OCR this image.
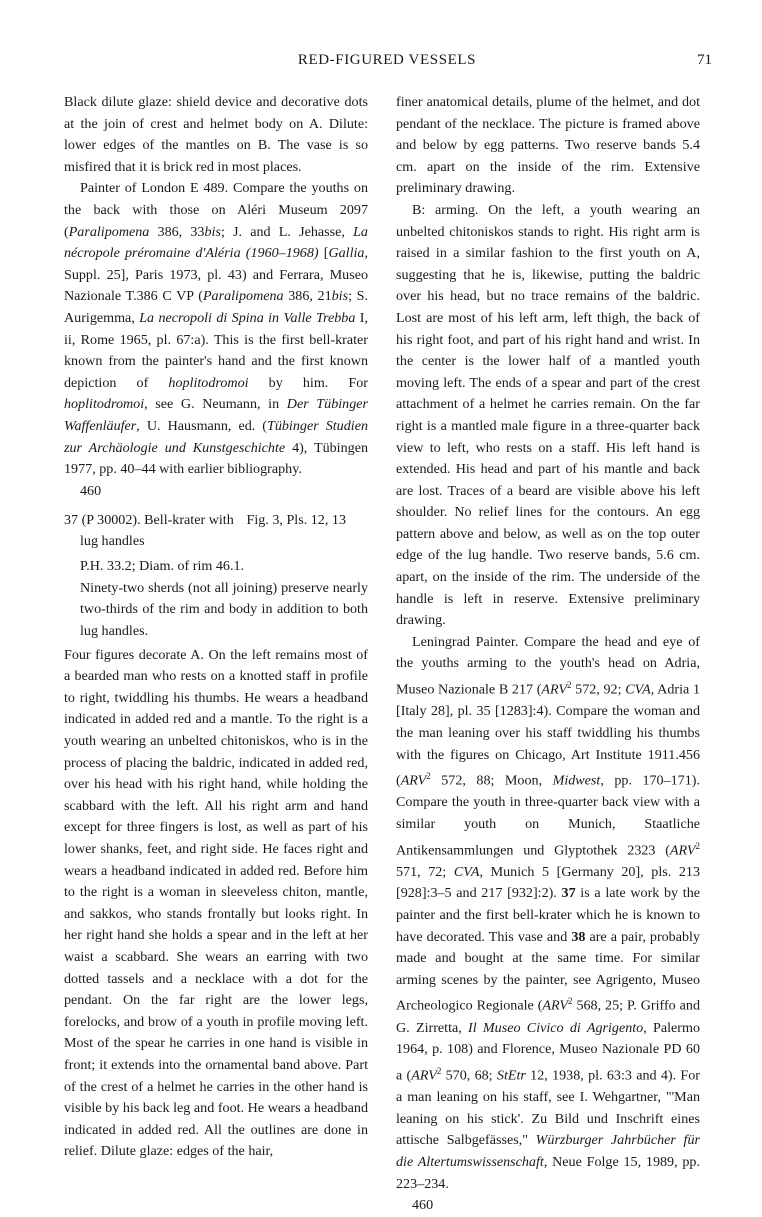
RED-FIGURED VESSELS	71

Black dilute glaze: shield device and decorative dots at the join of crest and helmet body on A. Dilute: lower edges of the mantles on B. The vase is so misfired that it is brick red in most places.

Painter of London E 489. Compare the youths on the back with those on Aléri Museum 2097 (Paralipomena 386, 33bis; J. and L. Jehasse, La nécropole préromaine d'Aléria (1960–1968) [Gallia, Suppl. 25], Paris 1973, pl. 43) and Ferrara, Museo Nazionale T.386 C VP (Paralipomena 386, 21bis; S. Aurigemma, La necropoli di Spina in Valle Trebba I, ii, Rome 1965, pl. 67:a). This is the first bell-krater known from the painter's hand and the first known depiction of hoplitodromoi by him. For hoplitodromoi, see G. Neumann, in Der Tübinger Waffenläufer, U. Hausmann, ed. (Tübinger Studien zur Archäologie und Kunstgeschichte 4), Tübingen 1977, pp. 40–44 with earlier bibliography.

460

37 (P 30002). Bell-krater with Fig. 3, Pls. 12, 13
lug handles

P.H. 33.2; Diam. of rim 46.1.

Ninety-two sherds (not all joining) preserve nearly two-thirds of the rim and body in addition to both lug handles.

Four figures decorate A. On the left remains most of a bearded man who rests on a knotted staff in profile to right, twiddling his thumbs. He wears a headband indicated in added red and a mantle. To the right is a youth wearing an unbelted chitoniskos, who is in the process of placing the baldric, indicated in added red, over his head with his right hand, while holding the scabbard with the left. All his right arm and hand except for three fingers is lost, as well as part of his lower shanks, feet, and right side. He faces right and wears a headband indicated in added red. Before him to the right is a woman in sleeveless chiton, mantle, and sakkos, who stands frontally but looks right. In her right hand she holds a spear and in the left at her waist a scabbard. She wears an earring with two dotted tassels and a necklace with a dot for the pendant. On the far right are the lower legs, forelocks, and brow of a youth in profile moving left. Most of the spear he carries in one hand is visible in front; it extends into the ornamental band above. Part of the crest of a helmet he carries in the other hand is visible by his back leg and foot. He wears a headband indicated in added red. All the outlines are done in relief. Dilute glaze: edges of the hair,

finer anatomical details, plume of the helmet, and dot pendant of the necklace. The picture is framed above and below by egg patterns. Two reserve bands 5.4 cm. apart on the inside of the rim. Extensive preliminary drawing.

B: arming. On the left, a youth wearing an unbelted chitoniskos stands to right. His right arm is raised in a similar fashion to the first youth on A, suggesting that he is, likewise, putting the baldric over his head, but no trace remains of the baldric. Lost are most of his left arm, left thigh, the back of his right foot, and part of his right hand and wrist. In the center is the lower half of a mantled youth moving left. The ends of a spear and part of the crest attachment of a helmet he carries remain. On the far right is a mantled male figure in a three-quarter back view to left, who rests on a staff. His left hand is extended. His head and part of his mantle and back are lost. Traces of a beard are visible above his left shoulder. No relief lines for the contours. An egg pattern above and below, as well as on the top outer edge of the lug handle. Two reserve bands, 5.6 cm. apart, on the inside of the rim. The underside of the handle is left in reserve. Extensive preliminary drawing.

Leningrad Painter. Compare the head and eye of the youths arming to the youth's head on Adria, Museo Nazionale B 217 (ARV$^2$ 572, 92; CVA, Adria 1 [Italy 28], pl. 35 [1283]:4). Compare the woman and the man leaning over his staff twiddling his thumbs with the figures on Chicago, Art Institute 1911.456 (ARV$^2$ 572, 88; Moon, Midwest, pp. 170–171). Compare the youth in three-quarter back view with a similar youth on Munich, Staatliche Antikensammlungen und Glyptothek 2323 (ARV$^2$ 571, 72; CVA, Munich 5 [Germany 20], pls. 213 [928]:3–5 and 217 [932]:2). 37 is a late work by the painter and the first bell-krater which he is known to have decorated. This vase and 38 are a pair, probably made and bought at the same time. For similar arming scenes by the painter, see Agrigento, Museo Archeologico Regionale (ARV$^2$ 568, 25; P. Griffo and G. Zirretta, Il Museo Civico di Agrigento, Palermo 1964, p. 108) and Florence, Museo Nazionale PD 60 a (ARV$^2$ 570, 68; StEtr 12, 1938, pl. 63:3 and 4). For a man leaning on his staff, see I. Wehgartner, "'Man leaning on his stick'. Zu Bild und Inschrift eines attische Salbgefässes," Würzburger Jahrbücher für die Altertumswissenschaft, Neue Folge 15, 1989, pp. 223–234.

460
